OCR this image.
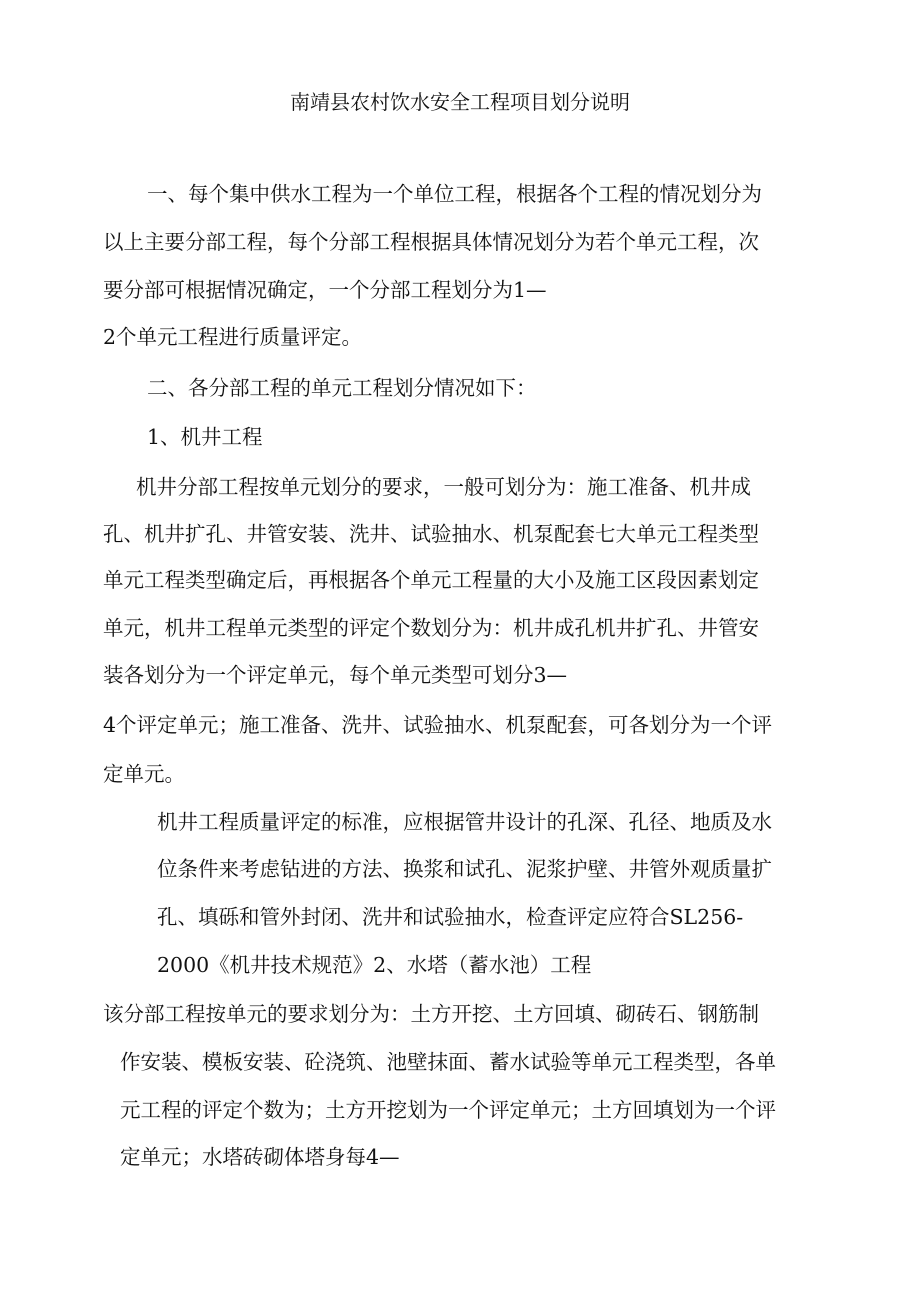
南靖县农村饮水安全工程项目划分说明
一、每个集中供水工程为一个单位工程，根据各个工程的情况划分为
以上主要分部工程，每个分部工程根据具体情况划分为若个单元工程，次
要分部可根据情况确定，一个分部工程划分为1—
2个单元工程进行质量评定。
二、各分部工程的单元工程划分情况如下：
1、机井工程
机井分部工程按单元划分的要求，一般可划分为：施工准备、机井成
孔、机井扩孔、井管安装、洗井、试验抽水、机泵配套七大单元工程类型
单元工程类型确定后，再根据各个单元工程量的大小及施工区段因素划定
单元，机井工程单元类型的评定个数划分为：机井成孔机井扩孔、井管安
装各划分为一个评定单元，每个单元类型可划分3—
4个评定单元；施工准备、洗井、试验抽水、机泵配套，可各划分为一个评
定单元。
机井工程质量评定的标准，应根据管井设计的孔深、孔径、地质及水
位条件来考虑钻进的方法、换浆和试孔、泥浆护壁、井管外观质量扩
孔、填砾和管外封闭、洗井和试验抽水，检查评定应符合SL256-
2000《机井技术规范》2、水塔（蓄水池）工程
该分部工程按单元的要求划分为：土方开挖、土方回填、砌砖石、钢筋制
作安装、模板安装、砼浇筑、池壁抹面、蓄水试验等单元工程类型，各单
元工程的评定个数为；土方开挖划为一个评定单元；土方回填划为一个评
定单元；水塔砖砌体塔身每4—
